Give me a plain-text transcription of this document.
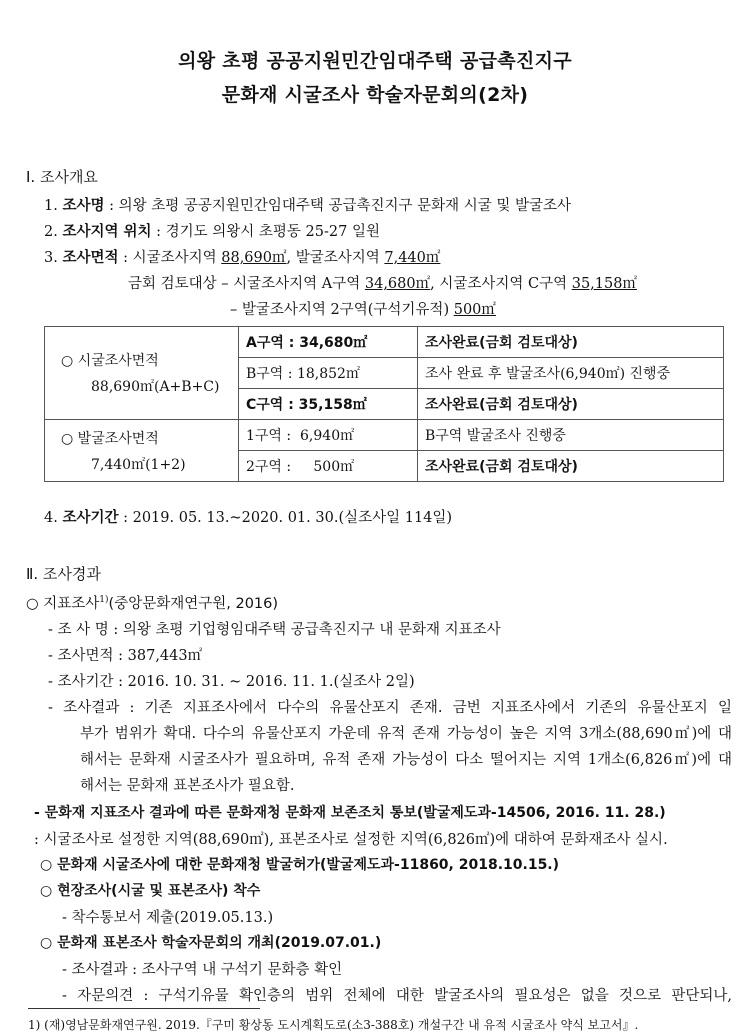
의왕 초평 공공지원민간임대주택 공급촉진지구
문화재 시굴조사 학술자문회의(2차)
Ⅰ. 조사개요
1. 조사명 : 의왕 초평 공공지원민간임대주택 공급촉진지구 문화재 시굴 및 발굴조사
2. 조사지역 위치 : 경기도 의왕시 초평동 25-27 일원
3. 조사면적 : 시굴조사지역 88,690㎡, 발굴조사지역 7,440㎡
금회 검토대상 – 시굴조사지역 A구역 34,680㎡, 시굴조사지역 C구역 35,158㎡
– 발굴조사지역 2구역(구석기유적) 500㎡
○ 시굴조사면적
88,690㎡(A+B+C)	A구역 : 34,680㎡	조사완료(금회 검토대상)
	B구역 : 18,852㎡	조사 완료 후 발굴조사(6,940㎡) 진행중
	C구역 : 35,158㎡	조사완료(금회 검토대상)

○ 발굴조사면적
7,440㎡(1+2)	1구역 :  6,940㎡	B구역 발굴조사 진행중
	2구역 :     500㎡	조사완료(금회 검토대상)
4. 조사기간 : 2019. 05. 13.~2020. 01. 30.(실조사일 114일)
Ⅱ. 조사경과
○ 지표조사$^{1)}$(중앙문화재연구원, 2016)
- 조 사 명 : 의왕 초평 기업형임대주택 공급촉진지구 내 문화재 지표조사
- 조사면적 : 387,443㎡
- 조사기간 : 2016. 10. 31. ~ 2016. 11. 1.(실조사 2일)
- 조사결과 : 기존 지표조사에서 다수의 유물산포지 존재. 금번 지표조사에서 기존의 유물산포지 일
부가 범위가 확대. 다수의 유물산포지 가운데 유적 존재 가능성이 높은 지역 3개소(88,690㎡)에 대
해서는 문화재 시굴조사가 필요하며, 유적 존재 가능성이 다소 떨어지는 지역 1개소(6,826㎡)에 대
해서는 문화재 표본조사가 필요함.
- 문화재 지표조사 결과에 따른 문화재청 문화재 보존조치 통보(발굴제도과-14506, 2016. 11. 28.)
: 시굴조사로 설정한 지역(88,690㎡), 표본조사로 설정한 지역(6,826㎡)에 대하여 문화재조사 실시.
○ 문화재 시굴조사에 대한 문화재청 발굴허가(발굴제도과-11860, 2018.10.15.)
○ 현장조사(시굴 및 표본조사) 착수
- 착수통보서 제출(2019.05.13.)
○ 문화재 표본조사 학술자문회의 개최(2019.07.01.)
- 조사결과 : 조사구역 내 구석기 문화층 확인
- 자문의견 : 구석기유물 확인층의 범위 전체에 대한 발굴조사의 필요성은 없을 것으로 판단되나,
1) (재)영남문화재연구원. 2019.『구미 황상동 도시계획도로(소3-388호) 개설구간 내 유적 시굴조사 약식 보고서』.
